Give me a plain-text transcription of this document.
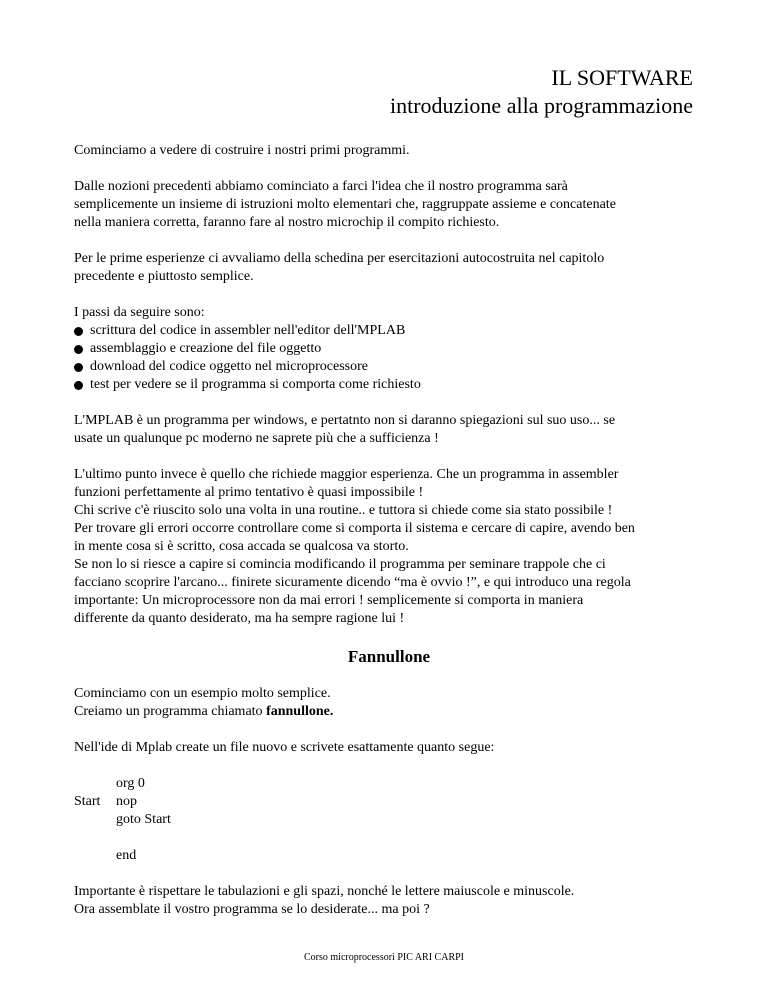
IL SOFTWARE
introduzione alla programmazione

Cominciamo a vedere di costruire i nostri primi programmi.

Dalle nozioni precedenti abbiamo cominciato a farci l'idea che il nostro programma sarà
semplicemente un insieme di istruzioni molto elementari che, raggruppate assieme e concatenate
nella maniera corretta, faranno fare al nostro microchip il compito richiesto.

Per le prime esperienze ci avvaliamo della schedina per esercitazioni autocostruita nel capitolo
precedente e piuttosto semplice.

I passi da seguire sono:

scrittura del codice in assembler nell'editor dell'MPLAB
assemblaggio e creazione del file oggetto
download del codice oggetto nel microprocessore
test per vedere se il programma si comporta come richiesto

L'MPLAB è un programma per windows, e pertatnto non si daranno spiegazioni sul suo uso... se
usate un qualunque pc moderno ne saprete più che a sufficienza !

L'ultimo punto invece è quello che richiede maggior esperienza. Che un programma in assembler
funzioni perfettamente al primo tentativo è quasi impossibile !
Chi scrive c'è riuscito solo una volta in una routine.. e tuttora si chiede come sia stato possibile !
Per trovare gli errori occorre controllare come si comporta il sistema e cercare di capire, avendo ben
in mente cosa si è scritto, cosa accada se qualcosa va storto.
Se non lo si riesce a capire si comincia modificando il programma per seminare trappole che ci
facciano scoprire l'arcano... finirete sicuramente dicendo “ma è ovvio !”, e qui introduco una regola
importante: Un microprocessore non da mai errori ! semplicemente si comporta in maniera
differente da quanto desiderato, ma ha sempre ragione lui !

Fannullone

Cominciamo con un esempio molto semplice.
Creiamo un programma chiamato fannullone.

Nell'ide di Mplab create un file nuovo e scrivete esattamente quanto segue:

org 0
Start	nop
goto Start

end

Importante è rispettare le tabulazioni e gli spazi, nonché le lettere maiuscole e minuscole.
Ora assemblate il vostro programma se lo desiderate... ma poi ?

Corso microprocessori PIC ARI CARPI
